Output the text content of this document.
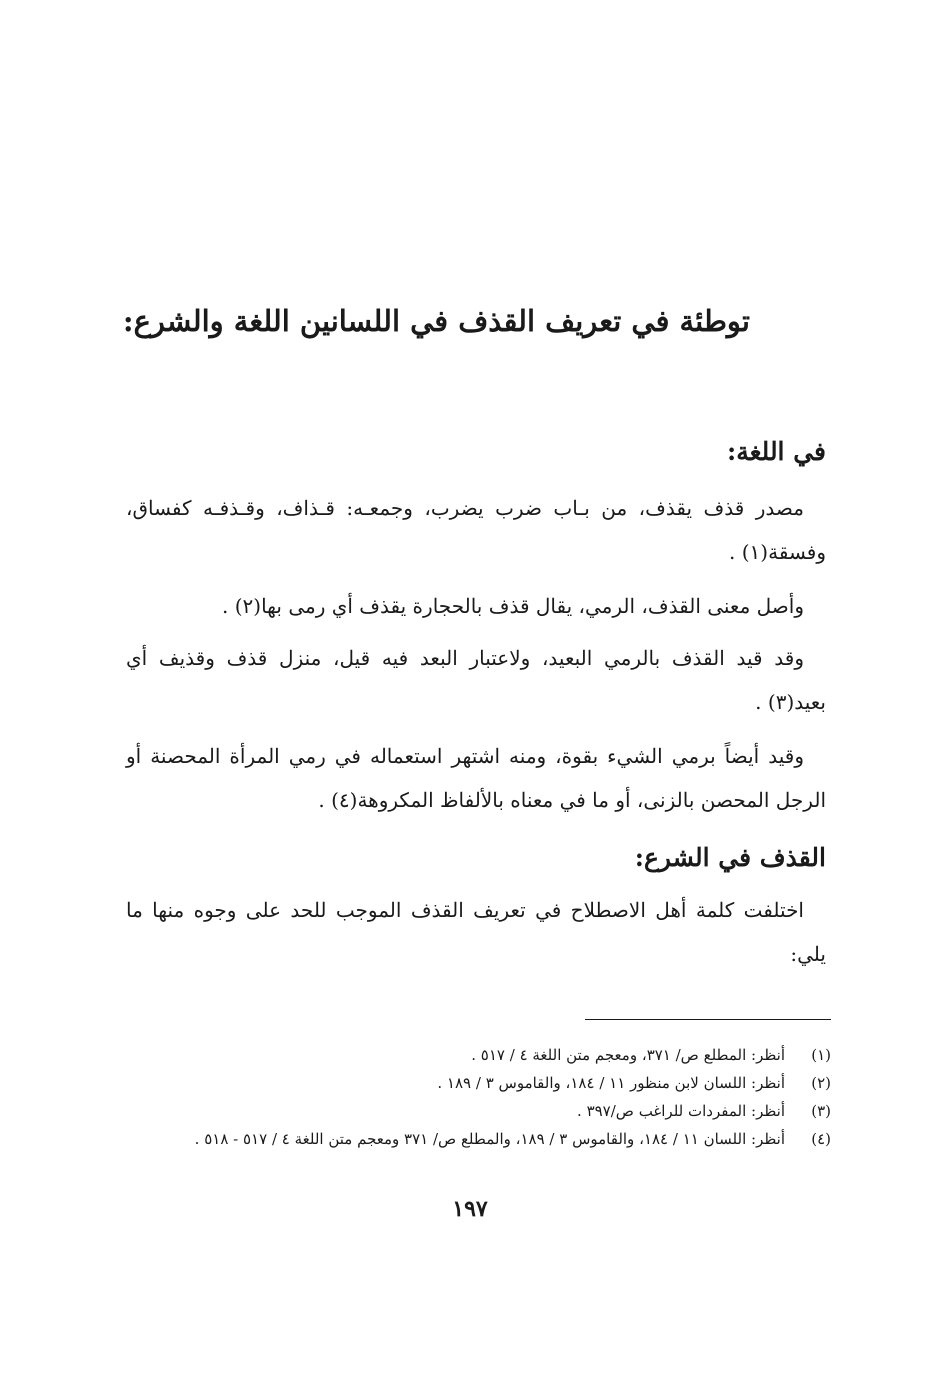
توطئة في تعريف القذف في اللسانين اللغة والشرع:
في اللغة:

مصدر قذف يقذف، من بـاب ضرب يضرب، وجمعـه: قـذاف، وقـذفـه كفساق، وفسقة(١) .

وأصل معنى القذف، الرمي، يقال قذف بالحجارة يقذف أي رمى بها(٢) .

وقد قيد القذف بالرمي البعيد، ولاعتبار البعد فيه قيل، منزل قذف وقذيف أي بعيد(٣) .

وقيد أيضاً برمي الشيء بقوة، ومنه اشتهر استعماله في رمي المرأة المحصنة أو الرجل المحصن بالزنى، أو ما في معناه بالألفاظ المكروهة(٤) .

القذف في الشرع:

اختلفت كلمة أهل الاصطلاح في تعريف القذف الموجب للحد على وجوه منها ما يلي:

(١)
أنظر: المطلع ص/ ٣٧١، ومعجم متن اللغة ٤ / ٥١٧ .
(٢)
أنظر: اللسان لابن منظور ١١ / ١٨٤، والقاموس ٣ / ١٨٩ .
(٣)
أنظر: المفردات للراغب ص/٣٩٧ .
(٤)
أنظر: اللسان ١١ / ١٨٤، والقاموس ٣ / ١٨٩، والمطلع ص/ ٣٧١ ومعجم متن اللغة ٤ / ٥١٧ - ٥١٨ .
١٩٧
